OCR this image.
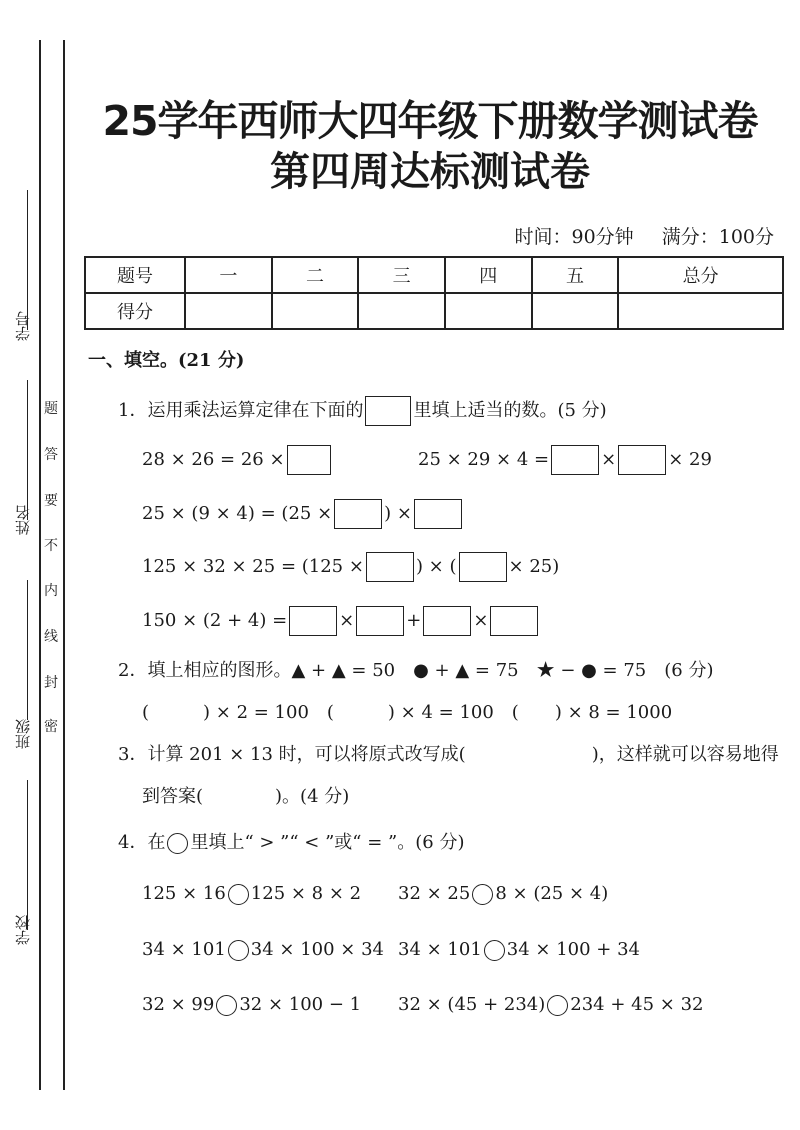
学号
姓名
班级
学校
题
答
要
不
内
线
封
密
25学年西师大四年级下册数学测试卷
第四周达标测试卷
时间：90分钟 满分：100分
题号	一	二	三	四	五	总分
得分						
一、填空。(21 分)
1．运用乘法运算定律在下面的	里填上适当的数。(5 分)
28 × 26 = 26 ×	25 × 29 × 4 =	×	× 29
25 × (9 × 4) = (25 ×	) ×
125 × 32 × 25 = (125 ×	) × (	× 25)
150 × (2 + 4) =	×	+	×
2．填上相应的图形。▲ + ▲ = 50　● + ▲ = 75　★ − ● = 75　(6 分)
(　　　) × 2 = 100　(　　　) × 4 = 100　(　　) × 8 = 1000
3．计算 201 × 13 时，可以将原式改写成(　　　　　　　)，这样就可以容易地得
到答案(　　　　)。(4 分)
4．在 里填上“ > ”“ < ”或“ = ”。(6 分)
125 × 16 125 × 8 × 2 32 × 25 8 × (25 × 4)
34 × 101 34 × 100 × 34 34 × 101 34 × 100 + 34
32 × 99 32 × 100 − 1 32 × (45 + 234) 234 + 45 × 32
